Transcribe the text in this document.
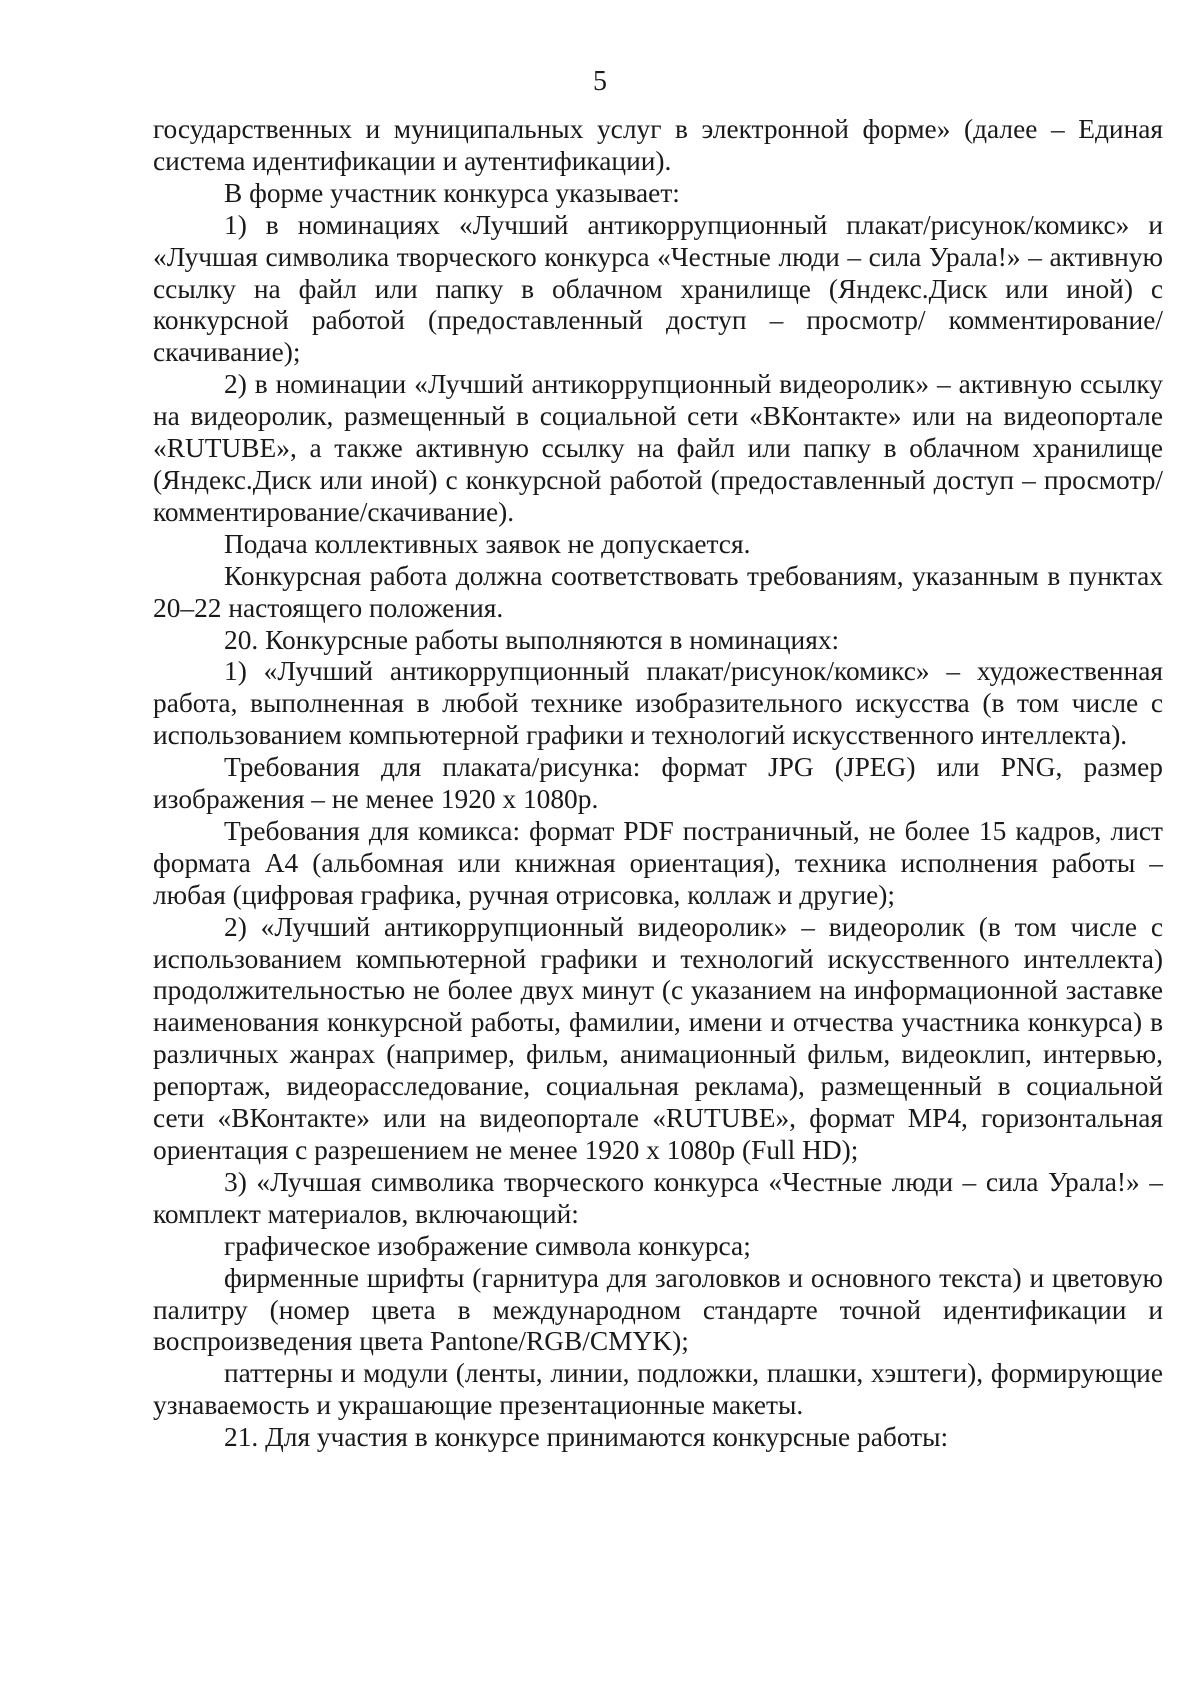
5

государственных и муниципальных услуг в электронной форме» (далее – Единая система идентификации и аутентификации).

В форме участник конкурса указывает:

1) в номинациях «Лучший антикоррупционный плакат/рисунок/комикс» и «Лучшая символика творческого конкурса «Честные люди – сила Урала!» – активную ссылку на файл или папку в облачном хранилище (Яндекс.Диск или иной) с конкурсной работой (предоставленный доступ – просмотр/ комментирование/скачивание);

2) в номинации «Лучший антикоррупционный видеоролик» – активную ссылку на видеоролик, размещенный в социальной сети «ВКонтакте» или на видеопортале «RUTUBE», а также активную ссылку на файл или папку в облачном хранилище (Яндекс.Диск или иной) с конкурсной работой (предоставленный доступ – просмотр/комментирование/скачивание).

Подача коллективных заявок не допускается.

Конкурсная работа должна соответствовать требованиям, указанным в пунктах 20–22 настоящего положения.

20. Конкурсные работы выполняются в номинациях:

1) «Лучший антикоррупционный плакат/рисунок/комикс» – художественная работа, выполненная в любой технике изобразительного искусства (в том числе с использованием компьютерной графики и технологий искусственного интеллекта).

Требования для плаката/рисунка: формат JPG (JPEG) или PNG, размер изображения – не менее 1920 x 1080p.

Требования для комикса: формат PDF постраничный, не более 15 кадров, лист формата А4 (альбомная или книжная ориентация), техника исполнения работы – любая (цифровая графика, ручная отрисовка, коллаж и другие);

2) «Лучший антикоррупционный видеоролик» – видеоролик (в том числе с использованием компьютерной графики и технологий искусственного интеллекта) продолжительностью не более двух минут (с указанием на информационной заставке наименования конкурсной работы, фамилии, имени и отчества участника конкурса) в различных жанрах (например, фильм, анимационный фильм, видеоклип, интервью, репортаж, видеорасследование, социальная реклама), размещенный в социальной сети «ВКонтакте» или на видеопортале «RUTUBE», формат MP4, горизонтальная ориентация с разрешением не менее 1920 x 1080p (Full HD);

3) «Лучшая символика творческого конкурса «Честные люди – сила Урала!» – комплект материалов, включающий:

графическое изображение символа конкурса;

фирменные шрифты (гарнитура для заголовков и основного текста) и цветовую палитру (номер цвета в международном стандарте точной идентификации и воспроизведения цвета Pantone/RGB/CMYK);

паттерны и модули (ленты, линии, подложки, плашки, хэштеги), формирующие узнаваемость и украшающие презентационные макеты.

21. Для участия в конкурсе принимаются конкурсные работы:
